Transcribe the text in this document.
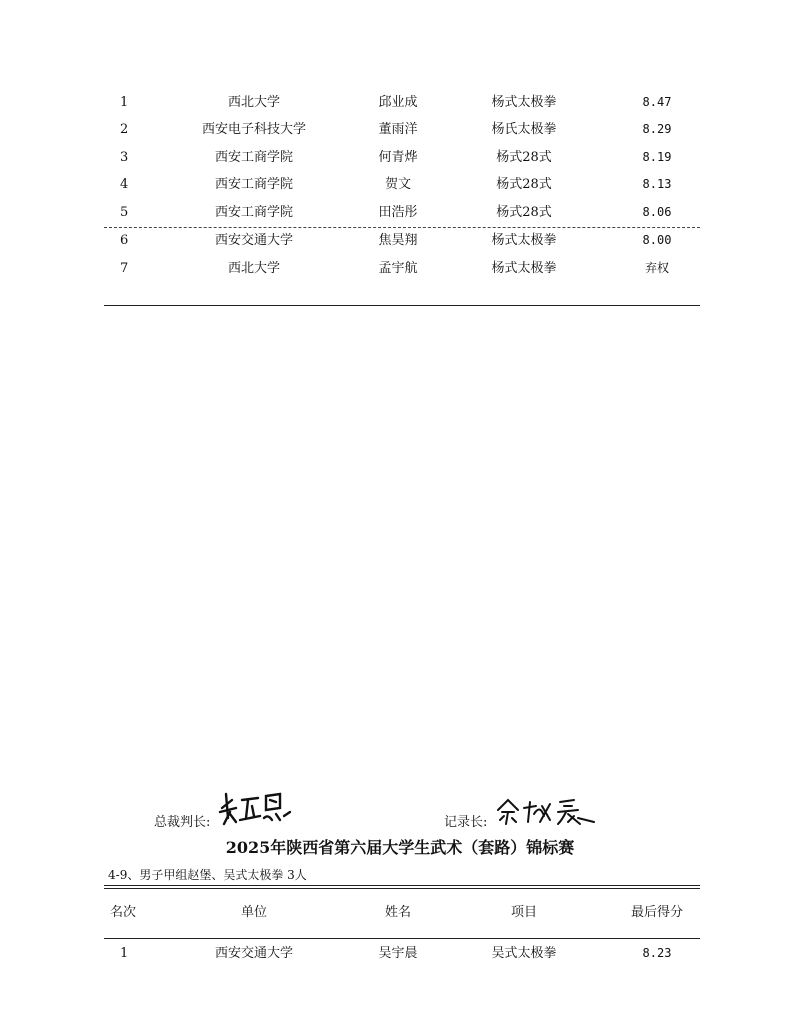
1	西北大学	邱业成	杨式太极拳	8.47
2	西安电子科技大学	董雨洋	杨氏太极拳	8.29
3	西安工商学院	何青烨	杨式28式	8.19
4	西安工商学院	贺文	杨式28式	8.13
5	西安工商学院	田浩彤	杨式28式	8.06
6	西安交通大学	焦昊翔	杨式太极拳	8.00
7	西北大学	孟宇航	杨式太极拳	弃权
总裁判长:	记录长:
2025年陕西省第六届大学生武术（套路）锦标赛
4-9、男子甲组赵堡、吴式太极拳 3人
名次	单位	姓名	项目	最后得分
1	西安交通大学	吴宇晨	吴式太极拳	8.23
